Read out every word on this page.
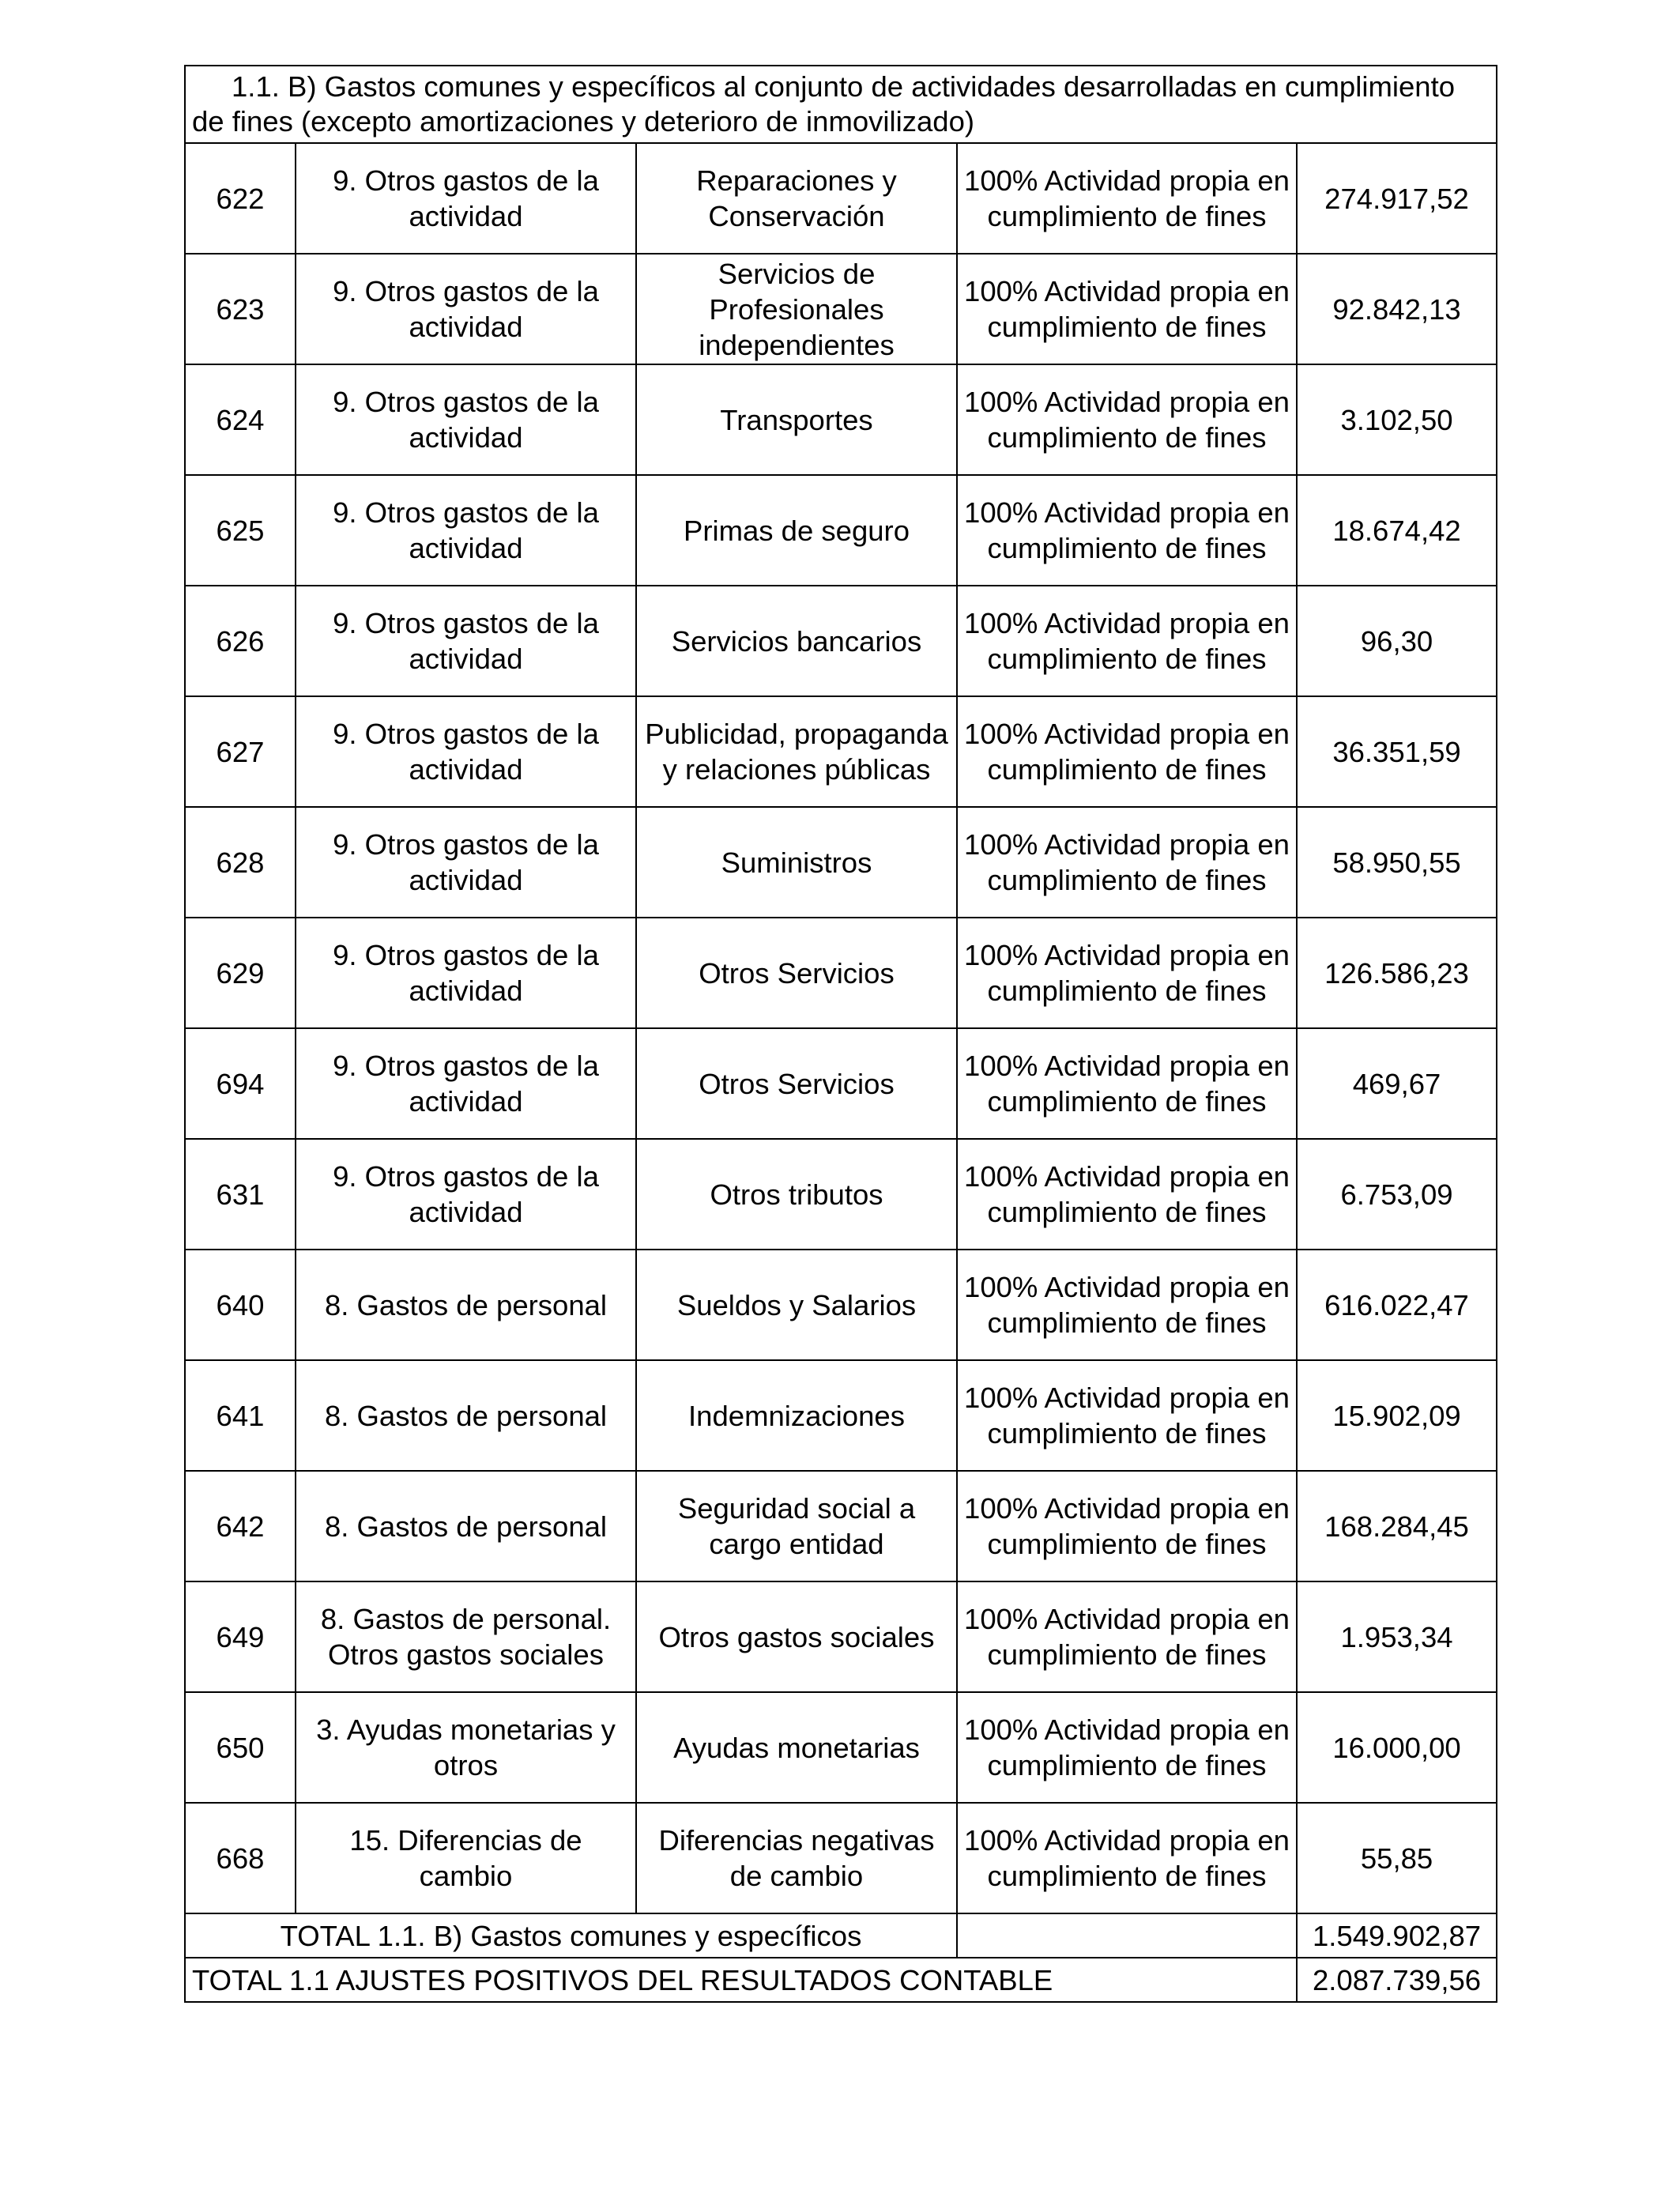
1.1. B) Gastos comunes y específicos al conjunto de actividades desarrolladas en cumplimiento de fines (excepto amortizaciones y deterioro de inmovilizado)				
622	9. Otros gastos de la actividad	Reparaciones y Conservación	100% Actividad propia en cumplimiento de fines	274.917,52
623	9. Otros gastos de la actividad	Servicios de Profesionales independientes	100% Actividad propia en cumplimiento de fines	92.842,13
624	9. Otros gastos de la actividad	Transportes	100% Actividad propia en cumplimiento de fines	3.102,50
625	9. Otros gastos de la actividad	Primas de seguro	100% Actividad propia en cumplimiento de fines	18.674,42
626	9. Otros gastos de la actividad	Servicios bancarios	100% Actividad propia en cumplimiento de fines	96,30
627	9. Otros gastos de la actividad	Publicidad, propaganda y relaciones públicas	100% Actividad propia en cumplimiento de fines	36.351,59
628	9. Otros gastos de la actividad	Suministros	100% Actividad propia en cumplimiento de fines	58.950,55
629	9. Otros gastos de la actividad	Otros Servicios	100% Actividad propia en cumplimiento de fines	126.586,23
694	9. Otros gastos de la actividad	Otros Servicios	100% Actividad propia en cumplimiento de fines	469,67
631	9. Otros gastos de la actividad	Otros tributos	100% Actividad propia en cumplimiento de fines	6.753,09
640	8. Gastos de personal	Sueldos y Salarios	100% Actividad propia en cumplimiento de fines	616.022,47
641	8. Gastos de personal	Indemnizaciones	100% Actividad propia en cumplimiento de fines	15.902,09
642	8. Gastos de personal	Seguridad social a cargo entidad	100% Actividad propia en cumplimiento de fines	168.284,45
649	8. Gastos de personal. Otros gastos sociales	Otros gastos sociales	100% Actividad propia en cumplimiento de fines	1.953,34
650	3. Ayudas monetarias y otros	Ayudas monetarias	100% Actividad propia en cumplimiento de fines	16.000,00
668	15. Diferencias de cambio	Diferencias negativas de cambio	100% Actividad propia en cumplimiento de fines	55,85
TOTAL 1.1. B) Gastos comunes y específicos				1.549.902,87
TOTAL 1.1 AJUSTES POSITIVOS DEL RESULTADOS CONTABLE				2.087.739,56
